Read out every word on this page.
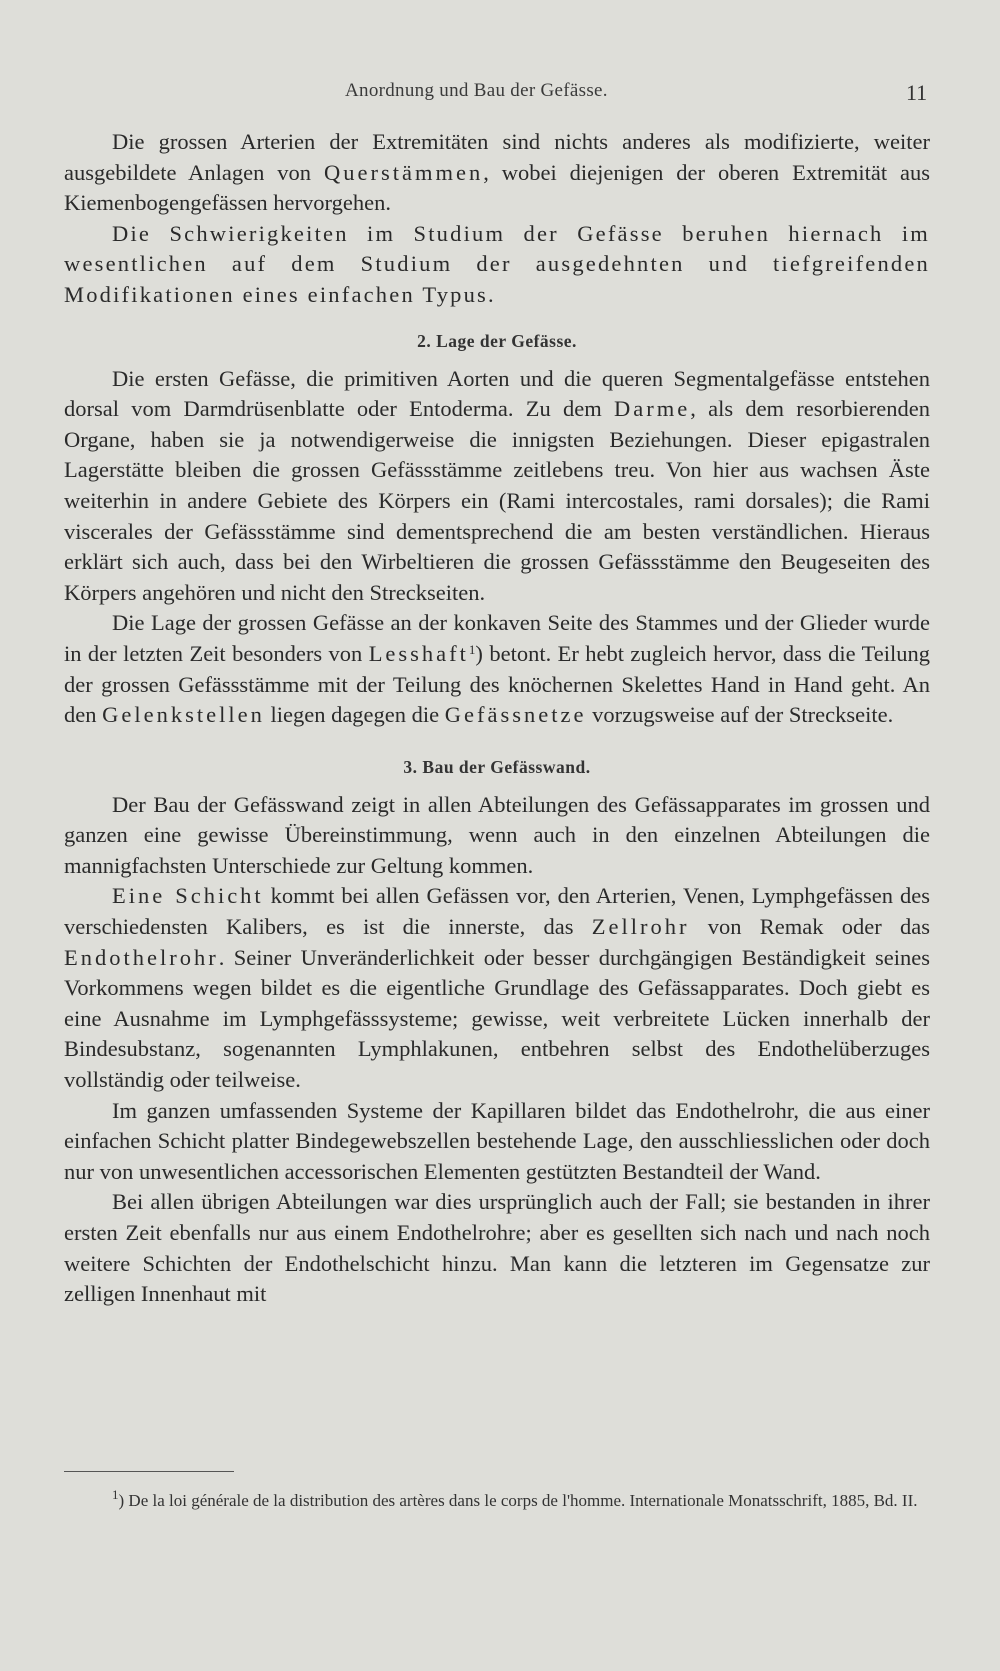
Anordnung und Bau der Gefässe.	11

Die grossen Arterien der Extremitäten sind nichts anderes als modifizierte, weiter ausgebildete Anlagen von Querstämmen, wobei diejenigen der oberen Extremität aus Kiemenbogengefässen hervorgehen.

Die Schwierigkeiten im Studium der Gefässe beruhen hiernach im wesentlichen auf dem Studium der ausgedehnten und tiefgreifenden Modifikationen eines einfachen Typus.

2. Lage der Gefässe.

Die ersten Gefässe, die primitiven Aorten und die queren Segmentalgefässe entstehen dorsal vom Darmdrüsenblatte oder Entoderma. Zu dem Darme, als dem resorbierenden Organe, haben sie ja notwendigerweise die innigsten Beziehungen. Dieser epigastralen Lagerstätte bleiben die grossen Gefässstämme zeitlebens treu. Von hier aus wachsen Äste weiterhin in andere Gebiete des Körpers ein (Rami intercostales, rami dorsales); die Rami viscerales der Gefässstämme sind dementsprechend die am besten verständlichen. Hieraus erklärt sich auch, dass bei den Wirbeltieren die grossen Gefässstämme den Beugeseiten des Körpers angehören und nicht den Streckseiten.

Die Lage der grossen Gefässe an der konkaven Seite des Stammes und der Glieder wurde in der letzten Zeit besonders von Lesshaft$^1$) betont. Er hebt zugleich hervor, dass die Teilung der grossen Gefässstämme mit der Teilung des knöchernen Skelettes Hand in Hand geht. An den Gelenkstellen liegen dagegen die Gefässnetze vorzugsweise auf der Streckseite.

3. Bau der Gefässwand.

Der Bau der Gefässwand zeigt in allen Abteilungen des Gefässapparates im grossen und ganzen eine gewisse Übereinstimmung, wenn auch in den einzelnen Abteilungen die mannigfachsten Unterschiede zur Geltung kommen.

Eine Schicht kommt bei allen Gefässen vor, den Arterien, Venen, Lymphgefässen des verschiedensten Kalibers, es ist die innerste, das Zellrohr von Remak oder das Endothelrohr. Seiner Unveränderlichkeit oder besser durchgängigen Beständigkeit seines Vorkommens wegen bildet es die eigentliche Grundlage des Gefässapparates. Doch giebt es eine Ausnahme im Lymphgefässsysteme; gewisse, weit verbreitete Lücken innerhalb der Bindesubstanz, sogenannten Lymphlakunen, entbehren selbst des Endothelüberzuges vollständig oder teilweise.

Im ganzen umfassenden Systeme der Kapillaren bildet das Endothelrohr, die aus einer einfachen Schicht platter Bindegewebszellen bestehende Lage, den ausschliesslichen oder doch nur von unwesentlichen accessorischen Elementen gestützten Bestandteil der Wand.

Bei allen übrigen Abteilungen war dies ursprünglich auch der Fall; sie bestanden in ihrer ersten Zeit ebenfalls nur aus einem Endothelrohre; aber es gesellten sich nach und nach noch weitere Schichten der Endothelschicht hinzu. Man kann die letzteren im Gegensatze zur zelligen Innenhaut mit

$^1$) De la loi générale de la distribution des artères dans le corps de l'homme. Internationale Monatsschrift, 1885, Bd. II.
